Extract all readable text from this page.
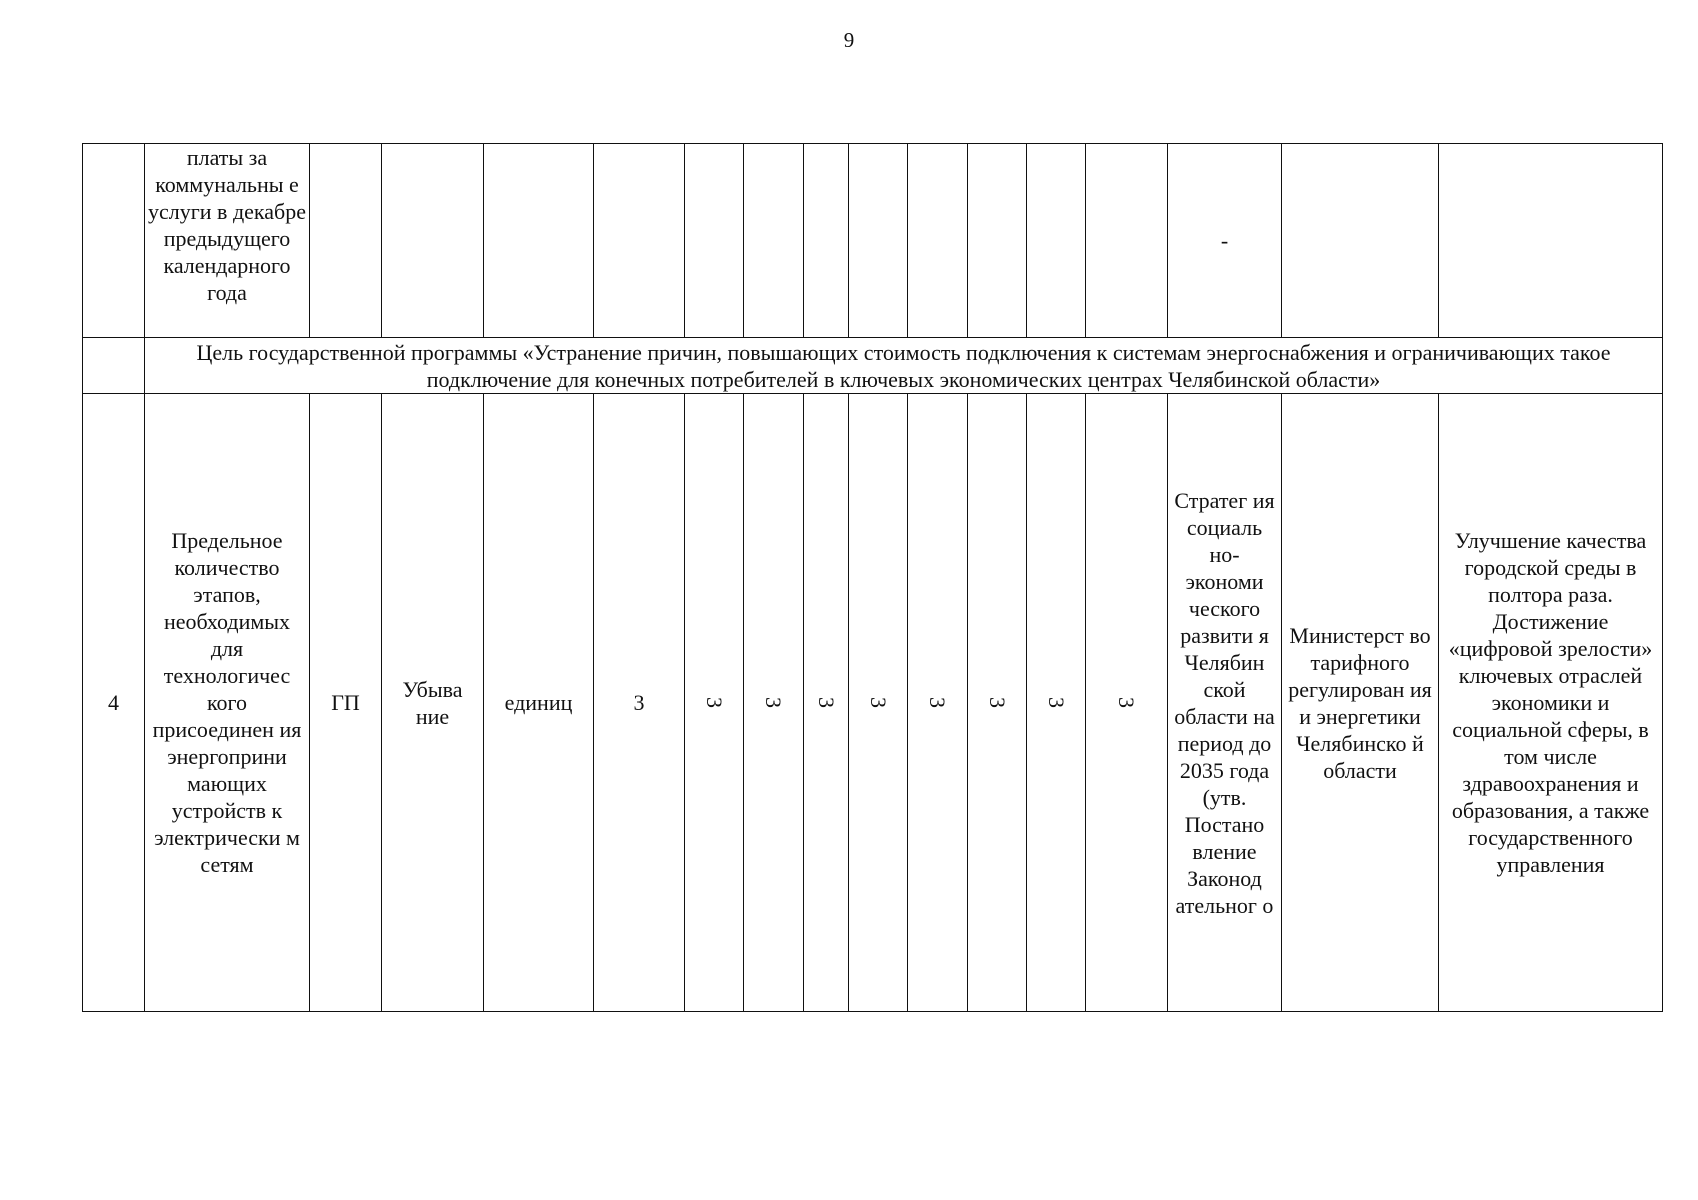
9
	платы за коммунальны е услуги в декабре предыдущего календарного года													-		
	Цель государственной программы «Устранение причин, повышающих стоимость подключения к системам энергоснабжения и ограничивающих такое подключение для конечных потребителей в ключевых экономических центрах Челябинской области»															
4	Предельное количество этапов, необходимых для технологичес кого присоединен ия энергоприни мающих устройств к электрически м сетям	ГП	Убыва ние	единиц	3	3	3	3	3	3	3	3	3	Стратег ия социаль но- экономи ческого развити я Челябин ской области на период до 2035 года (утв. Постано вление Законод ательног о	Министерст во тарифного регулирован ия и энергетики Челябинско й области	Улучшение качества городской среды в полтора раза. Достижение «цифровой зрелости» ключевых отраслей экономики и социальной сферы, в том числе здравоохранения и образования, а также государственного управления
